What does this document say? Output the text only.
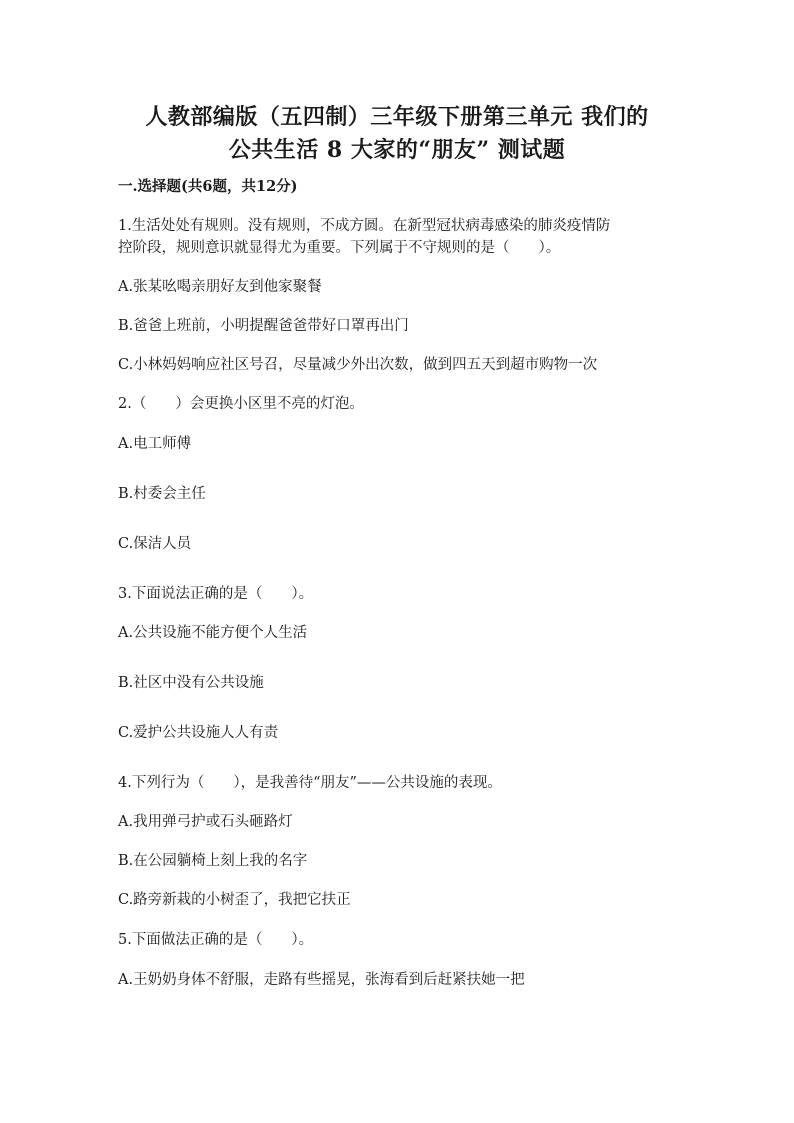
人教部编版（五四制）三年级下册第三单元 我们的
公共生活 8 大家的“朋友” 测试题
一.选择题(共6题，共12分)
1.生活处处有规则。没有规则，不成方圆。在新型冠状病毒感染的肺炎疫情防
控阶段，规则意识就显得尤为重要。下列属于不守规则的是（　　）。
A.张某吆喝亲朋好友到他家聚餐
B.爸爸上班前，小明提醒爸爸带好口罩再出门
C.小林妈妈响应社区号召，尽量减少外出次数，做到四五天到超市购物一次
2.（　　）会更换小区里不亮的灯泡。
A.电工师傅
B.村委会主任
C.保洁人员
3.下面说法正确的是（　　）。
A.公共设施不能方便个人生活
B.社区中没有公共设施
C.爱护公共设施人人有责
4.下列行为（　　），是我善待“朋友”——公共设施的表现。
A.我用弹弓护或石头砸路灯
B.在公园躺椅上刻上我的名字
C.路旁新栽的小树歪了，我把它扶正
5.下面做法正确的是（　　）。
A.王奶奶身体不舒服，走路有些摇晃，张海看到后赶紧扶她一把
